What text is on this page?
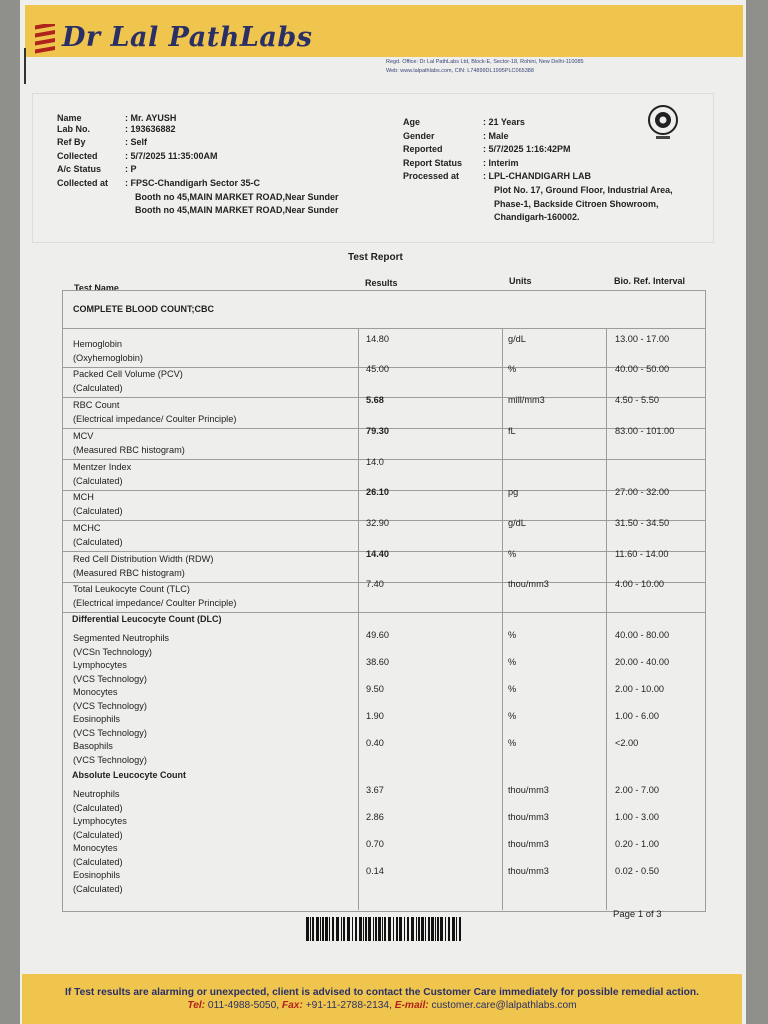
Dr Lal PathLabs
Regd. Office: Dr Lal PathLabs Ltd, Block-E, Sector-18, Rohini, New Delhi-110085
Web: www.lalpathlabs.com, CIN: L74899DL1995PLC065388
Name	: Mr. AYUSH
Lab No.	: 193636882
Ref By	: Self
Collected	: 5/7/2025 11:35:00AM
A/c Status	: P
Collected at	: FPSC-Chandigarh Sector 35-C
Booth no 45,MAIN MARKET ROAD,Near Sunder
Booth no 45,MAIN MARKET ROAD,Near Sunder
Age	: 21 Years
Gender	: Male
Reported	: 5/7/2025 1:16:42PM
Report Status	: Interim
Processed at	: LPL-CHANDIGARH LAB
Plot No. 17, Ground Floor, Industrial Area,
Phase-1, Backside Citroen Showroom,
Chandigarh-160002.
Test Report
Test Name	Results	Units	Bio. Ref. Interval
COMPLETE BLOOD COUNT;CBC
Hemoglobin
(Oxyhemoglobin)
14.80	g/dL	13.00 - 17.00
Packed Cell Volume (PCV)
(Calculated)
45.00	%	40.00 - 50.00
RBC Count
(Electrical impedance/ Coulter Principle)
5.68	mill/mm3	4.50 - 5.50
MCV
(Measured RBC histogram)
79.30	fL	83.00 - 101.00
Mentzer Index
(Calculated)
14.0
MCH
(Calculated)
26.10	pg	27.00 - 32.00
MCHC
(Calculated)
32.90	g/dL	31.50 - 34.50
Red Cell Distribution Width (RDW)
(Measured RBC histogram)
14.40	%	11.60 - 14.00
Total Leukocyte Count (TLC)
(Electrical impedance/ Coulter Principle)
7.40	thou/mm3	4.00 - 10.00
Segmented Neutrophils
(VCSn Technology)
49.60	%	40.00 - 80.00
Lymphocytes
(VCS Technology)
38.60	%	20.00 - 40.00
Monocytes
(VCS Technology)
9.50	%	2.00 - 10.00
Eosinophils
(VCS Technology)
1.90	%	1.00 - 6.00
Basophils
(VCS Technology)
0.40	%	<2.00
Neutrophils
(Calculated)
3.67	thou/mm3	2.00 - 7.00
Lymphocytes
(Calculated)
2.86	thou/mm3	1.00 - 3.00
Monocytes
(Calculated)
0.70	thou/mm3	0.20 - 1.00
Eosinophils
(Calculated)
0.14	thou/mm3	0.02 - 0.50
Differential Leucocyte Count (DLC)
Absolute Leucocyte Count
Page 1 of 3
If Test results are alarming or unexpected, client is advised to contact the Customer Care immediately for possible remedial action.
Tel: 011-4988-5050, Fax: +91-11-2788-2134, E-mail: customer.care@lalpathlabs.com
